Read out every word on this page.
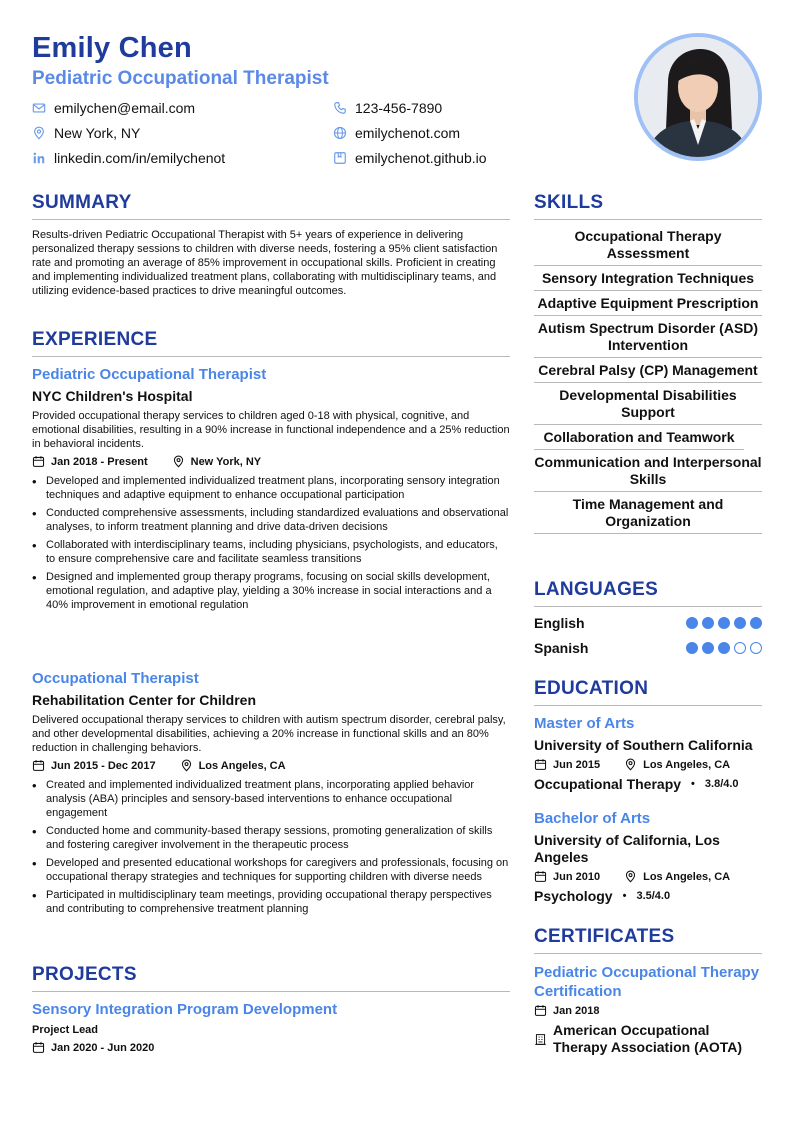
Emily Chen
Pediatric Occupational Therapist
emilychen@email.com	123-456-7890
New York, NY	emilychenot.com
linkedin.com/in/emilychenot	emilychenot.github.io
SUMMARY
Results-driven Pediatric Occupational Therapist with 5+ years of experience in delivering personalized therapy sessions to children with diverse needs, fostering a 95% client satisfaction rate and promoting an average of 85% improvement in occupational skills. Proficient in creating and implementing individualized treatment plans, collaborating with multidisciplinary teams, and utilizing evidence-based practices to drive meaningful outcomes.
EXPERIENCE
Pediatric Occupational Therapist
NYC Children's Hospital
Provided occupational therapy services to children aged 0-18 with physical, cognitive, and emotional disabilities, resulting in a 90% increase in functional independence and a 25% reduction in behavioral incidents.
Jan 2018 - Present	New York, NY
• Developed and implemented individualized treatment plans, incorporating sensory integration techniques and adaptive equipment to enhance occupational participation
• Conducted comprehensive assessments, including standardized evaluations and observational analyses, to inform treatment planning and drive data-driven decisions
• Collaborated with interdisciplinary teams, including physicians, psychologists, and educators, to ensure comprehensive care and facilitate seamless transitions
• Designed and implemented group therapy programs, focusing on social skills development, emotional regulation, and adaptive play, yielding a 30% increase in social interactions and a 40% improvement in emotional regulation
Occupational Therapist
Rehabilitation Center for Children
Delivered occupational therapy services to children with autism spectrum disorder, cerebral palsy, and other developmental disabilities, achieving a 20% increase in functional skills and an 80% reduction in challenging behaviors.
Jun 2015 - Dec 2017	Los Angeles, CA
• Created and implemented individualized treatment plans, incorporating applied behavior analysis (ABA) principles and sensory-based interventions to enhance occupational engagement
• Conducted home and community-based therapy sessions, promoting generalization of skills and fostering caregiver involvement in the therapeutic process
• Developed and presented educational workshops for caregivers and professionals, focusing on occupational therapy strategies and techniques for supporting children with diverse needs
• Participated in multidisciplinary team meetings, providing occupational therapy perspectives and contributing to comprehensive treatment planning
PROJECTS
Sensory Integration Program Development
Project Lead
Jan 2020 - Jun 2020
SKILLS
Occupational Therapy Assessment
Sensory Integration Techniques
Adaptive Equipment Prescription
Autism Spectrum Disorder (ASD) Intervention
Cerebral Palsy (CP) Management
Developmental Disabilities Support
Collaboration and Teamwork
Communication and Interpersonal Skills
Time Management and Organization
LANGUAGES
English
Spanish
EDUCATION
Master of Arts
University of Southern California
Jun 2015	Los Angeles, CA
Occupational Therapy • 3.8/4.0
Bachelor of Arts
University of California, Los Angeles
Jun 2010	Los Angeles, CA
Psychology • 3.5/4.0
CERTIFICATES
Pediatric Occupational Therapy Certification
Jan 2018
American Occupational Therapy Association (AOTA)
